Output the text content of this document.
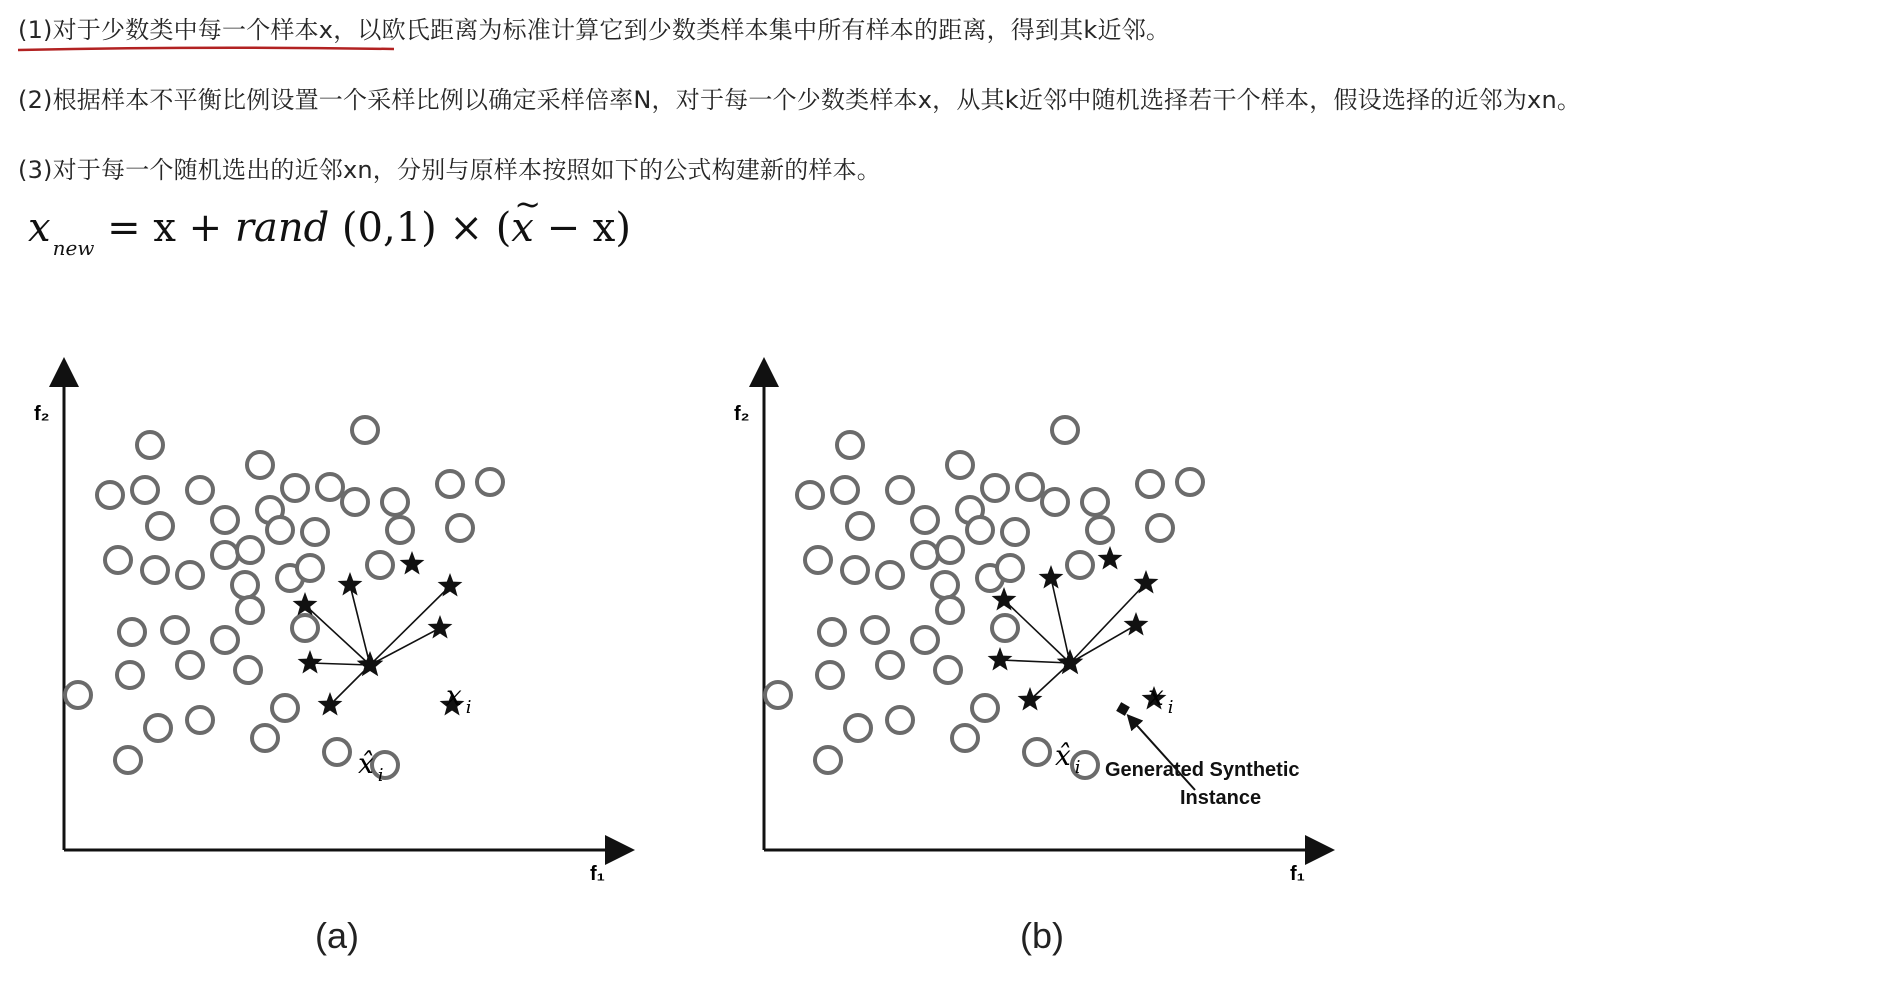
(1)对于少数类中每一个样本x，以欧氏距离为标准计算它到少数类样本集中所有样本的距离，得到其k近邻。
(2)根据样本不平衡比例设置一个采样比例以确定采样倍率N，对于每一个少数类样本x，从其k近邻中随机选择若干个样本，假设选择的近邻为xn。
(3)对于每一个随机选出的近邻xn，分别与原样本按照如下的公式构建新的样本。
x $_{new}$ = x + rand (0,1) × (~ x − x)
f₂
f₁
x $_i$
x̂ $_i$
f₂
f₁
x $_i$
x̂ $_i$ Generated Synthetic
Instance
(a)	(b)
